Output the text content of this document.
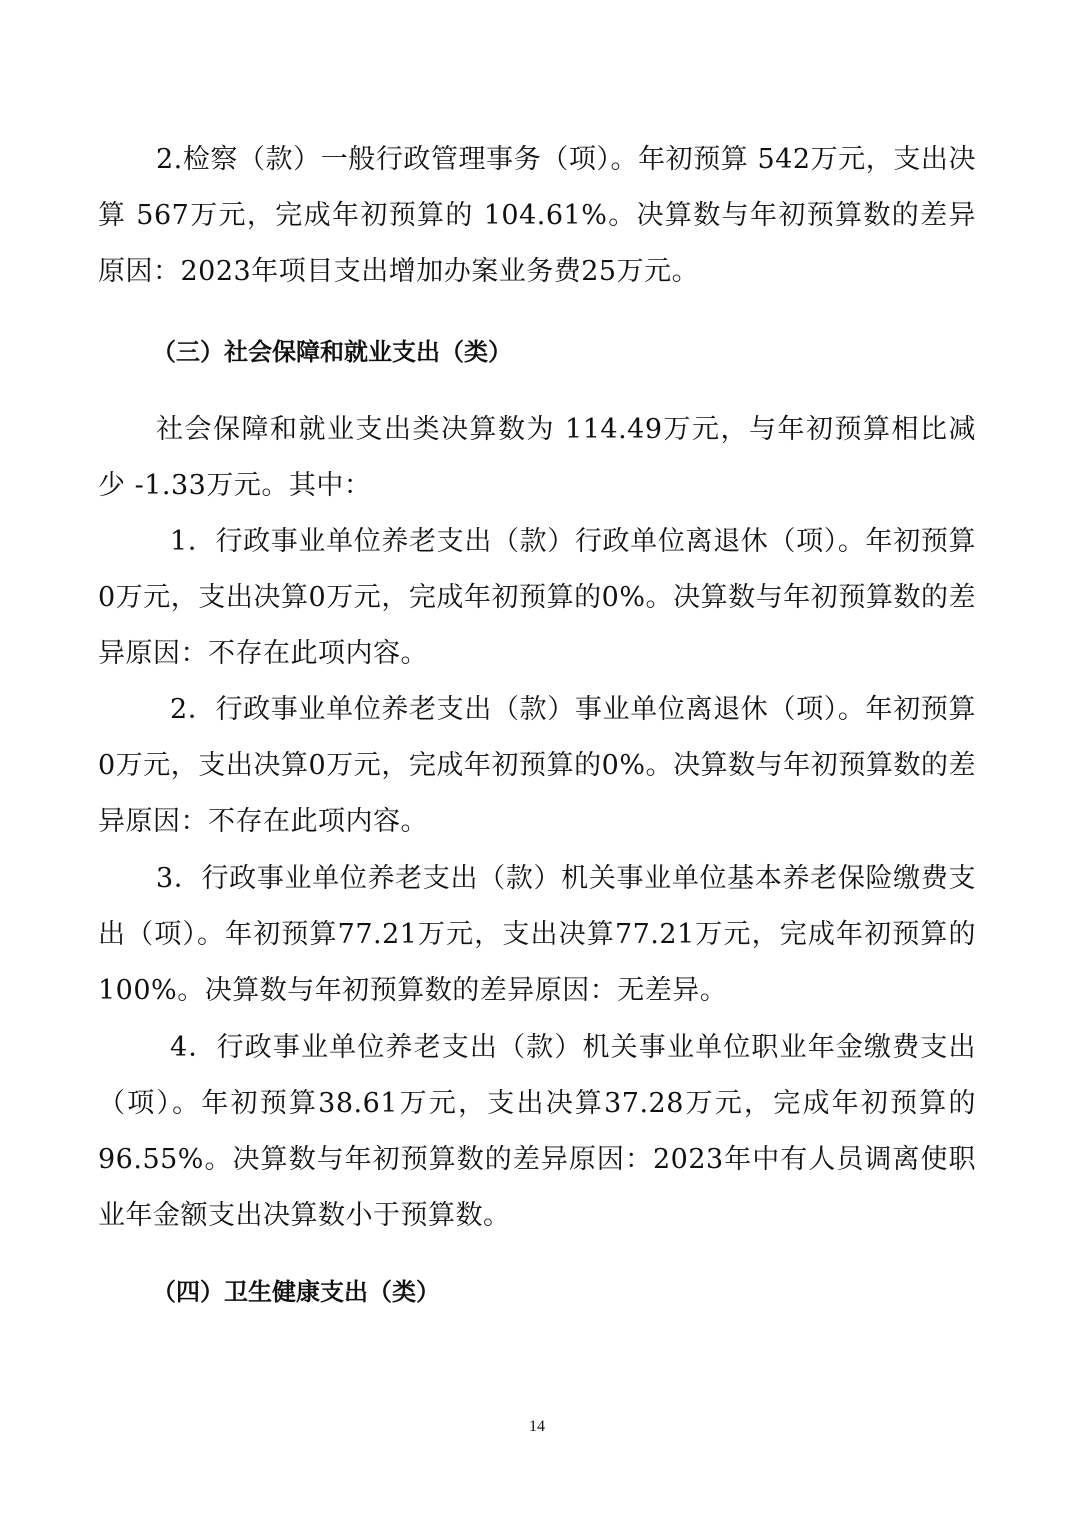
2.检察（款）一般行政管理事务（项）。年初预算 542万元，支出决算 567万元，完成年初预算的 104.61%。决算数与年初预算数的差异原因：2023年项目支出增加办案业务费25万元。

（三）社会保障和就业支出（类）

社会保障和就业支出类决算数为 114.49万元，与年初预算相比减少 -1.33万元。其中：

1．行政事业单位养老支出（款）行政单位离退休（项）。年初预算0万元，支出决算0万元，完成年初预算的0%。决算数与年初预算数的差异原因：不存在此项内容。

2．行政事业单位养老支出（款）事业单位离退休（项）。年初预算0万元，支出决算0万元，完成年初预算的0%。决算数与年初预算数的差异原因：不存在此项内容。

3．行政事业单位养老支出（款）机关事业单位基本养老保险缴费支出（项）。年初预算77.21万元，支出决算77.21万元，完成年初预算的100%。决算数与年初预算数的差异原因：无差异。

4．行政事业单位养老支出（款）机关事业单位职业年金缴费支出（项）。年初预算38.61万元，支出决算37.28万元，完成年初预算的96.55%。决算数与年初预算数的差异原因：2023年中有人员调离使职业年金额支出决算数小于预算数。

（四）卫生健康支出（类）
14
